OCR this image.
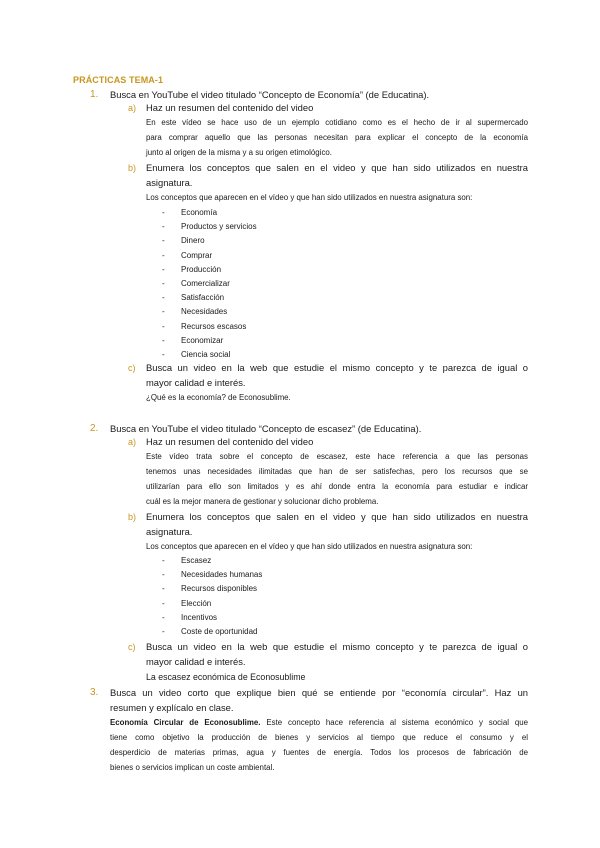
PRÁCTICAS TEMA-1
1.	Busca en YouTube el video titulado “Concepto de Economía” (de Educatina).
a)	Haz un resumen del contenido del video
En este vídeo se hace uso de un ejemplo cotidiano como es el hecho de ir al supermercado
para comprar aquello que las personas necesitan para explicar el concepto de la economía
junto al origen de la misma y a su origen etimológico.
b)	Enumera los conceptos que salen en el video y que han sido utilizados en nuestra
asignatura.
Los conceptos que aparecen en el vídeo y que han sido utilizados en nuestra asignatura son:
- Economía
- Productos y servicios
- Dinero
- Comprar
- Producción
- Comercializar
- Satisfacción
- Necesidades
- Recursos escasos
- Economizar
- Ciencia social
c)	Busca un video en la web que estudie el mismo concepto y te parezca de igual o
mayor calidad e interés.
¿Qué es la economía? de Econosublime.
2.	Busca en YouTube el video titulado “Concepto de escasez” (de Educatina).
a)	Haz un resumen del contenido del video
Este vídeo trata sobre el concepto de escasez, este hace referencia a que las personas
tenemos unas necesidades ilimitadas que han de ser satisfechas, pero los recursos que se
utilizarían para ello son limitados y es ahí donde entra la economía para estudiar e indicar
cuál es la mejor manera de gestionar y solucionar dicho problema.
b)	Enumera los conceptos que salen en el video y que han sido utilizados en nuestra
asignatura.
Los conceptos que aparecen en el vídeo y que han sido utilizados en nuestra asignatura son:
- Escasez
- Necesidades humanas
- Recursos disponibles
- Elección
- Incentivos
- Coste de oportunidad
c)	Busca un video en la web que estudie el mismo concepto y te parezca de igual o
mayor calidad e interés.
La escasez económica de Econosublime
3.	Busca un video corto que explique bien qué se entiende por “economía circular”. Haz un
resumen y explícalo en clase.
Economía Circular de Econosublime. Este concepto hace referencia al sistema económico y social que
tiene como objetivo la producción de bienes y servicios al tiempo que reduce el consumo y el
desperdicio de materias primas, agua y fuentes de energía. Todos los procesos de fabricación de
bienes o servicios implican un coste ambiental.
